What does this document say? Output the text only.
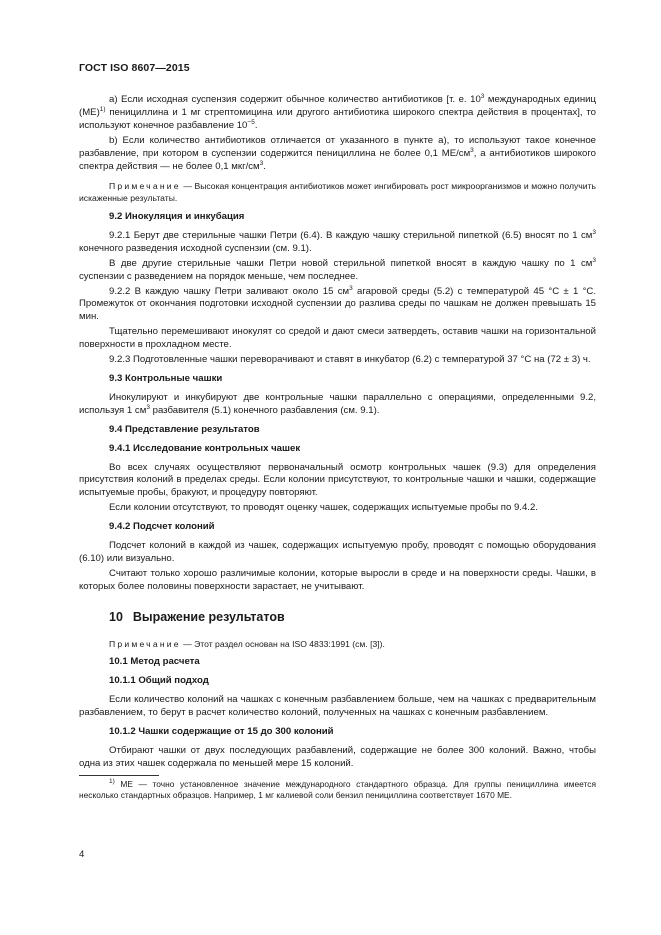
ГОСТ ISO 8607—2015

а) Если исходная суспензия содержит обычное количество антибиотиков [т. е. $10^3$ международных единиц (МЕ)$^{1)}$ пенициллина и 1 мг стрептомицина или другого антибиотика широкого спектра действия в процентах], то используют конечное разбавление $10^{-5}$.

b) Если количество антибиотиков отличается от указанного в пункте а), то используют такое конечное разбавление, при котором в суспензии содержится пенициллина не более 0,1 $МЕ/см^3$, а антибиотиков широкого спектра действия — не более 0,1 мкг/$см^3$.

Примечание — Высокая концентрация антибиотиков может ингибировать рост микроорганизмов и можно получить искаженные результаты.

9.2 Инокуляция и инкубация

9.2.1 Берут две стерильные чашки Петри (6.4). В каждую чашку стерильной пипеткой (6.5) вносят по 1 $см^3$ конечного разведения исходной суспензии (см. 9.1).

В две другие стерильные чашки Петри новой стерильной пипеткой вносят в каждую чашку по 1 $см^3$ суспензии с разведением на порядок меньше, чем последнее.

9.2.2 В каждую чашку Петри заливают около 15 $см^3$ агаровой среды (5.2) с температурой 45 °С ± 1 °С. Промежуток от окончания подготовки исходной суспензии до разлива среды по чашкам не должен превышать 15 мин.

Тщательно перемешивают инокулят со средой и дают смеси затвердеть, оставив чашки на горизонтальной поверхности в прохладном месте.

9.2.3 Подготовленные чашки переворачивают и ставят в инкубатор (6.2) с температурой 37 °С на (72 ± 3) ч.

9.3 Контрольные чашки

Инокулируют и инкубируют две контрольные чашки параллельно с операциями, определенными 9.2, используя 1 $см^3$ разбавителя (5.1) конечного разбавления (см. 9.1).

9.4 Представление результатов
9.4.1 Исследование контрольных чашек

Во всех случаях осуществляют первоначальный осмотр контрольных чашек (9.3) для определения присутствия колоний в пределах среды. Если колонии присутствуют, то контрольные чашки и чашки, содержащие испытуемые пробы, бракуют, и процедуру повторяют.

Если колонии отсутствуют, то проводят оценку чашек, содержащих испытуемые пробы по 9.4.2.

9.4.2 Подсчет колоний

Подсчет колоний в каждой из чашек, содержащих испытуемую пробу, проводят с помощью оборудования (6.10) или визуально.

Считают только хорошо различимые колонии, которые выросли в среде и на поверхности среды. Чашки, в которых более половины поверхности зарастает, не учитывают.

10 Выражение результатов

Примечание — Этот раздел основан на ISO 4833:1991 (см. [3]).

10.1 Метод расчета
10.1.1 Общий подход

Если количество колоний на чашках с конечным разбавлением больше, чем на чашках с предварительным разбавлением, то берут в расчет количество колоний, полученных на чашках с конечным разбавлением.

10.1.2 Чашки содержащие от 15 до 300 колоний

Отбирают чашки от двух последующих разбавлений, содержащие не более 300 колоний. Важно, чтобы одна из этих чашек содержала по меньшей мере 15 колоний.

$^{1)}$ МЕ — точно установленное значение международного стандартного образца. Для группы пенициллина имеется несколько стандартных образцов. Например, 1 мг калиевой соли бензил пенициллина соответствует 1670 МЕ.

4
